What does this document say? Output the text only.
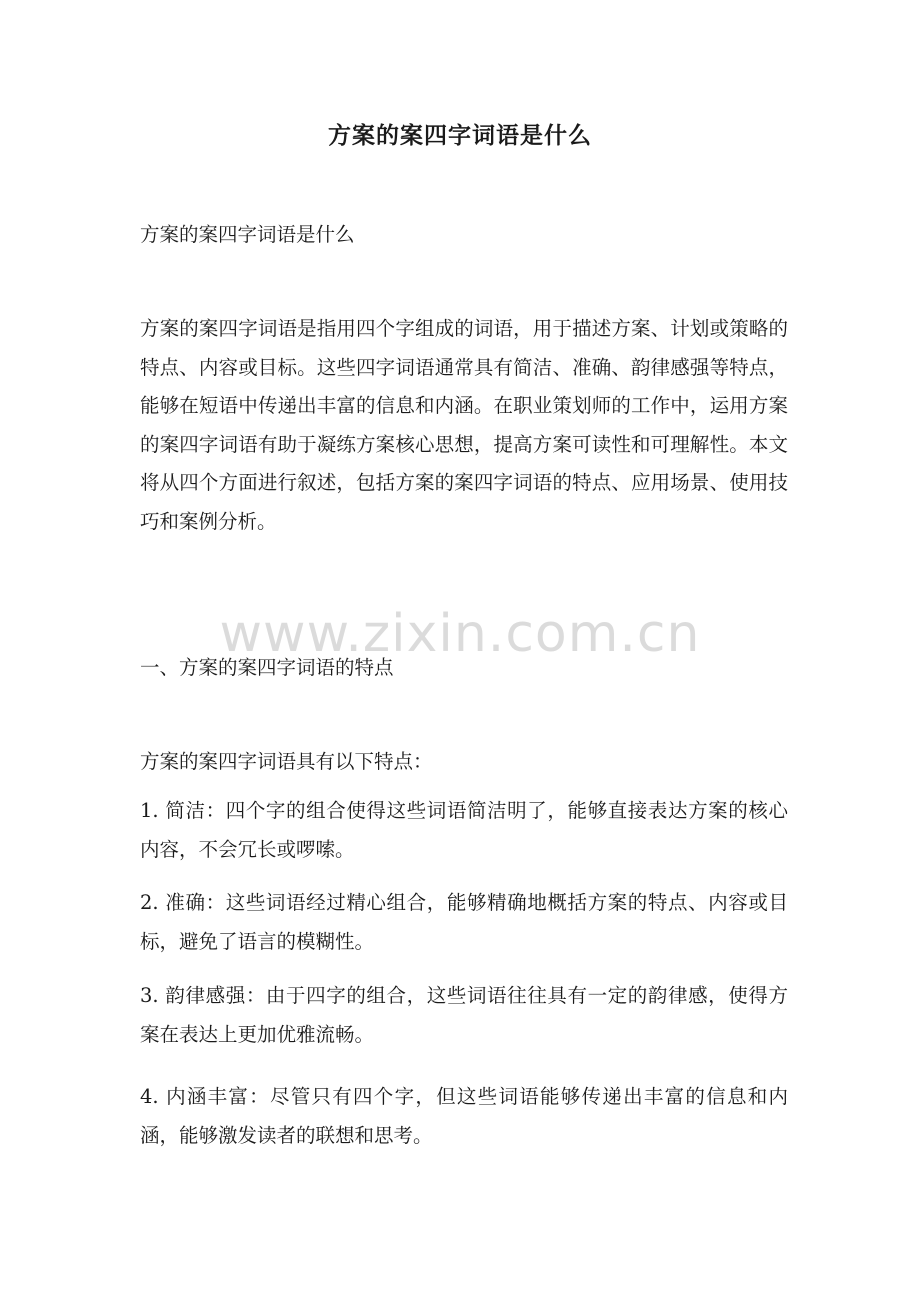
方案的案四字词语是什么

方案的案四字词语是什么

方案的案四字词语是指用四个字组成的词语，用于描述方案、计划或策略的特点、内容或目标。这些四字词语通常具有简洁、准确、韵律感强等特点，能够在短语中传递出丰富的信息和内涵。在职业策划师的工作中，运用方案的案四字词语有助于凝练方案核心思想，提高方案可读性和可理解性。本文将从四个方面进行叙述，包括方案的案四字词语的特点、应用场景、使用技巧和案例分析。

一、方案的案四字词语的特点

方案的案四字词语具有以下特点：

1. 简洁：四个字的组合使得这些词语简洁明了，能够直接表达方案的核心内容，不会冗长或啰嗦。

2. 准确：这些词语经过精心组合，能够精确地概括方案的特点、内容或目标，避免了语言的模糊性。

3. 韵律感强：由于四字的组合，这些词语往往具有一定的韵律感，使得方案在表达上更加优雅流畅。

4. 内涵丰富：尽管只有四个字，但这些词语能够传递出丰富的信息和内涵，能够激发读者的联想和思考。

www.zixin.com.cn
